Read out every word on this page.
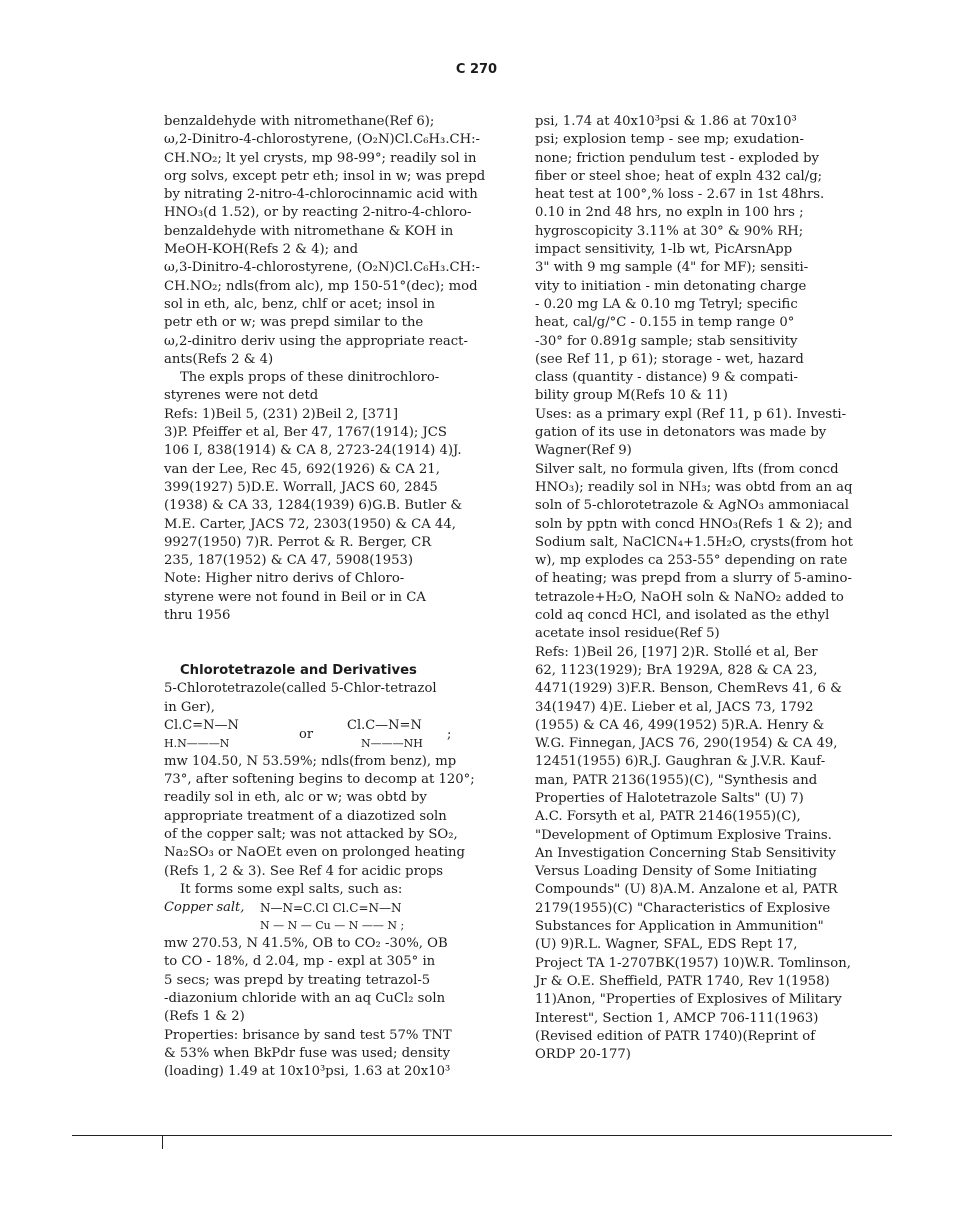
C 270
benzaldehyde with nitromethane(Ref 6);
ω,2-Dinitro-4-chlorostyrene, (O₂N)Cl.C₆H₃.CH:-
CH.NO₂; lt yel crysts, mp 98-99°; readily sol in
org solvs, except petr eth; insol in w; was prepd
by nitrating 2-nitro-4-chlorocinnamic acid with
HNO₃(d 1.52), or by reacting 2-nitro-4-chloro-
benzaldehyde with nitromethane & KOH in
MeOH-KOH(Refs 2 & 4); and
ω,3-Dinitro-4-chlorostyrene, (O₂N)Cl.C₆H₃.CH:-
CH.NO₂; ndls(from alc), mp 150-51°(dec); mod
sol in eth, alc, benz, chlf or acet; insol in
petr eth or w; was prepd similar to the
ω,2-dinitro deriv using the appropriate react-
ants(Refs 2 & 4)
The expls props of these dinitrochloro-
styrenes were not detd
Refs: 1)Beil 5, (231) 2)Beil 2, [371]
3)P. Pfeiffer et al, Ber 47, 1767(1914); JCS
106 I, 838(1914) & CA 8, 2723-24(1914) 4)J.
van der Lee, Rec 45, 692(1926) & CA 21,
399(1927) 5)D.E. Worrall, JACS 60, 2845
(1938) & CA 33, 1284(1939) 6)G.B. Butler &
M.E. Carter, JACS 72, 2303(1950) & CA 44,
9927(1950) 7)R. Perrot & R. Berger, CR
235, 187(1952) & CA 47, 5908(1953)
Note: Higher nitro derivs of Chloro-
styrene were not found in Beil or in CA
thru 1956
Chlorotetrazole and Derivatives
5-Chlorotetrazole(called 5-Chlor-tetrazol
in Ger),
Cl.C=N—N
H.N———N
or
Cl.C—N=N
N———NH
;
mw 104.50, N 53.59%; ndls(from benz), mp
73°, after softening begins to decomp at 120°;
readily sol in eth, alc or w; was obtd by
appropriate treatment of a diazotized soln
of the copper salt; was not attacked by SO₂,
Na₂SO₃ or NaOEt even on prolonged heating
(Refs 1, 2 & 3). See Ref 4 for acidic props
It forms some expl salts, such as:
Copper salt, N—N=C.Cl Cl.C=N—N
N — N — Cu — N —— N ;
mw 270.53, N 41.5%, OB to CO₂ -30%, OB
to CO - 18%, d 2.04, mp - expl at 305° in
5 secs; was prepd by treating tetrazol-5
-diazonium chloride with an aq CuCl₂ soln
(Refs 1 & 2)
Properties: brisance by sand test 57% TNT
& 53% when BkPdr fuse was used; density
(loading) 1.49 at 10x10³psi, 1.63 at 20x10³
psi, 1.74 at 40x10³psi & 1.86 at 70x10³
psi; explosion temp - see mp; exudation-
none; friction pendulum test - exploded by
fiber or steel shoe; heat of expln 432 cal/g;
heat test at 100°,% loss - 2.67 in 1st 48hrs.
0.10 in 2nd 48 hrs, no expln in 100 hrs ;
hygroscopicity 3.11% at 30° & 90% RH;
impact sensitivity, 1-lb wt, PicArsnApp
3" with 9 mg sample (4" for MF); sensiti-
vity to initiation - min detonating charge
- 0.20 mg LA & 0.10 mg Tetryl; specific
heat, cal/g/°C - 0.155 in temp range 0°
-30° for 0.891g sample; stab sensitivity
(see Ref 11, p 61); storage - wet, hazard
class (quantity - distance) 9 & compati-
bility group M(Refs 10 & 11)
Uses: as a primary expl (Ref 11, p 61). Investi-
gation of its use in detonators was made by
Wagner(Ref 9)
Silver salt, no formula given, lfts (from concd
HNO₃); readily sol in NH₃; was obtd from an aq
soln of 5-chlorotetrazole & AgNO₃ ammoniacal
soln by pptn with concd HNO₃(Refs 1 & 2); and
Sodium salt, NaClCN₄+1.5H₂O, crysts(from hot
w), mp explodes ca 253-55° depending on rate
of heating; was prepd from a slurry of 5-amino-
tetrazole+H₂O, NaOH soln & NaNO₂ added to
cold aq concd HCl, and isolated as the ethyl
acetate insol residue(Ref 5)
Refs: 1)Beil 26, [197] 2)R. Stollé et al, Ber
62, 1123(1929); BrA 1929A, 828 & CA 23,
4471(1929) 3)F.R. Benson, ChemRevs 41, 6 &
34(1947) 4)E. Lieber et al, JACS 73, 1792
(1955) & CA 46, 499(1952) 5)R.A. Henry &
W.G. Finnegan, JACS 76, 290(1954) & CA 49,
12451(1955) 6)R.J. Gaughran & J.V.R. Kauf-
man, PATR 2136(1955)(C), "Synthesis and
Properties of Halotetrazole Salts" (U) 7)
A.C. Forsyth et al, PATR 2146(1955)(C),
"Development of Optimum Explosive Trains.
An Investigation Concerning Stab Sensitivity
Versus Loading Density of Some Initiating
Compounds" (U) 8)A.M. Anzalone et al, PATR
2179(1955)(C) "Characteristics of Explosive
Substances for Application in Ammunition"
(U) 9)R.L. Wagner, SFAL, EDS Rept 17,
Project TA 1-2707BK(1957) 10)W.R. Tomlinson,
Jr & O.E. Sheffield, PATR 1740, Rev 1(1958)
11)Anon, "Properties of Explosives of Military
Interest", Section 1, AMCP 706-111(1963)
(Revised edition of PATR 1740)(Reprint of
ORDP 20-177)
